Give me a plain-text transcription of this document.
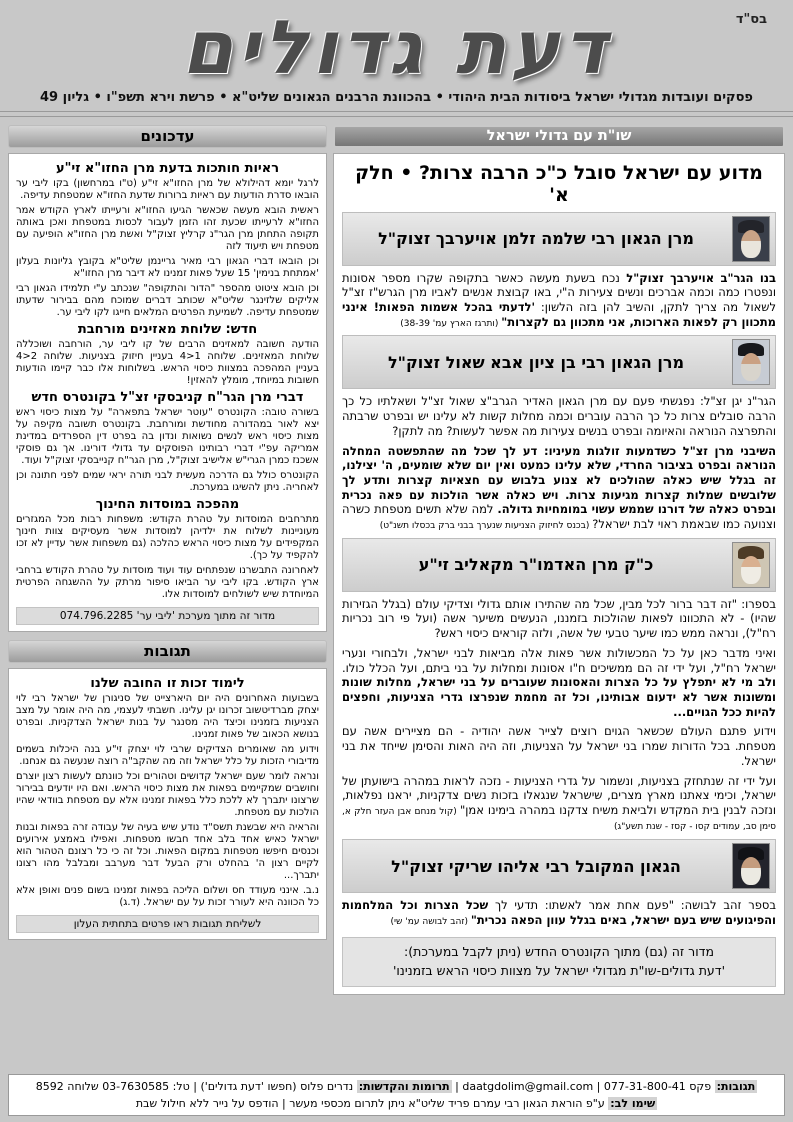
בס"ד
דעת גדולים
פסקים ועובדות מגדולי ישראל ביסודות הבית היהודי • בהכוונת הרבנים הגאונים שליט"א • פרשת וירא תשפ"ו • גליון 49
שו"ת עם גדולי ישראל
מדוע עם ישראל סובל כ"כ הרבה צרות? • חלק א'
מרן הגאון רבי שלמה זלמן אויערבך זצוק"ל

בנו הגר"ב אויערבך זצוק"ל נכח בשעת מעשה כאשר בתקופה שקרו מספר אסונות ונפטרו כמה וכמה אברכים ונשים צעירות ה"י, באו קבוצת אנשים לאביו מרן הגרש"ז זצ"ל לשאול מה צריך לתקן, והשיב להן בזה הלשון: 'לדעתי בהכל אשמות הפאות! אינני מתכוון רק לפאות הארוכות, אני מתכוון גם לקצרות" (ותרגז הארץ עמ' 38-39)

מרן הגאון רבי בן ציון אבא שאול זצוק"ל

הגר"נ יגן זצ"ל: נפגשתי פעם עם מרן הגאון האדיר הגרב"צ שאול זצ"ל ושאלתיו כל כך הרבה סובלים צרות כל כך הרבה עוברים וכמה מחלות קשות לא עלינו יש ובפרט שרבתה והתפרצה הנוראה והאיומה ובפרט בנשים צעירות מה אפשר לעשות? מה לתקן?

השיבני מרן זצ"ל כשדמעות זולגות מעיניו: דע לך שכל מה שהתפשטה המחלה הנוראה ובפרט בציבור החרדי, שלא עלינו כמעט ואין יום שלא שומעים, ה' יצילנו, זה בגלל שיש כאלה שהולכים לא צנוע בלבוש עם חצאיות קצרות ותדע לך שלובשים שמלות קצרות מגיעות צרות. ויש כאלה אשר הולכות עם פאה נכרית ובפרט כאלה של דורנו שממש עשוי במומחיות גדולה. למה שלא תשים מטפחת כשרה וצנועה כמו שבאמת ראוי לבת ישראל? (בכנס לחיזוק הצניעות שנערך בבני ברק בכסלו תשנ"ט)

כ"ק מרן האדמו"ר מקאליב זי"ע

בספרו: "זה דבר ברור לכל מבין, שכל מה שהתירו אותם גדולי וצדיקי עולם (בגלל הגזירות שהיו) - לא התכוונו לפאות שהולכות בזמננו, הנעשים משיער אשה (ועל פי רוב נכריות רח"ל), ונראה ממש כמו שיער טבעי של אשה, ולזה קוראים כיסוי ראש?

ואיני מדבר כאן על כל המכשולות אשר פאות אלה מביאות לבני ישראל, ולבחורי ונערי ישראל רח"ל, ועל ידי זה הם ממשיכים ח"ו אסונות ומחלות על בני ביתם, ועל הכלל כולו. ולב מי לא יתפלץ על כל הצרות והאסונות שעוברים על בני ישראל, מחלות שונות ומשונות אשר לא ידעום אבותינו, וכל זה מחמת שנפרצו גדרי הצניעות, וחפצים להיות ככל הגויים...

וידוע פתגם העולם שכשאר הגוים רוצים לצייר אשה יהודיה - הם מציירים אשה עם מטפחת. בכל הדורות שמרו בני ישראל על הצניעות, וזה היה האות והסימן שייחד את בני ישראל.

ועל ידי זה שנתחזק בצניעות, ונשמור על גדרי הצניעות - נזכה לראות במהרה בישועתן של ישראל, וכימי צאתנו מארץ מצרים, שישראל שנגאלו בזכות נשים צדקניות, יראנו נפלאות, ונזכה לבנין בית המקדש ולביאת משיח צדקנו במהרה בימינו אמן" (קול מנחם אבן העזר חלק א, סימן סב, עמודים קסו - קסז - שנת תשע"ג)

הגאון המקובל רבי אליהו שריקי זצוק"ל

בספר זהב לבושה: "פעם אחת אמר לאשתו: תדעי לך שכל הצרות וכל המלחמות והפיגועים שיש בעם ישראל, באים בגלל עוון הפאה נכרית" (זהב לבושה עמ' שי)

מדור זה (גם) מתוך הקונטרס החדש (ניתן לקבל במערכת):
'דעת גדולים-שו"ת מגדולי ישראל על מצוות כיסוי הראש בזמנינו'
עדכונים
ראיות חותכות בדעת מרן החזו"א זי"ע

לרגל יומא דהילולא של מרן החזו"א זי"ע (ט"ו במרחשון) בקו ליבי ער הובאו סדרת הודעות עם ראיות ברורות שדעת החזו"א שמטפחת עדיפה.

ראשית הובא מעשה שכאשר הגיעו החזו"א ורעייתו לארץ הקודש אמר החזו"א לרעייתו שכעת זהו הזמן לעבור לכסות במטפחת ואכן באותה תקופה התחתן מרן הגר"נ קרליץ זצוק"ל ואשת מרן החזו"א הופיעה עם מטפחת ויש תיעוד לזה

וכן הובאו דברי הגאון רבי מאיר גריינמן שליט"א בקובץ גליונות בעלון 'אמתחת בנימין' 15 שעל פאות זמנינו לא דיבר מרן החזו"א

וכן הובא ציטוט מהספר "הדור והתקופה" שנכתב ע"י תלמידו הגאון רבי אליקים שלזינגר שליט"א שכותב דברים שמוכח מהם בבירור שדעתו שמטפחת עדיפה. לשמיעת הפרטים המלאים חייגו לקו ליבי ער.

חדש: שלוחת מאזינים מורחבת

הודעה חשובה למאזינים הרבים של קו ליבי ער, הורחבה ושוכללה שלוחת המאזינים. שלוחה 1<4 בעניין חיזוק בצניעות. שלוחה 2<4 בעניין המהפכה במצוות כיסוי הראש. בשלוחות אלו כבר קיימו הודעות חשובות במיוחד, מומלץ להאזין!

דברי מרן הגר"ח קניבסקי זצ"ל בקונטרס חדש

בשורה טובה: הקונטרס "עוטר ישראל בתפארה" על מצות כיסוי ראש יצא לאור במהדורה מחודשת ומורחבת. בקונטרס תשובה מקיפה על מצות כיסוי ראש לנשים נשואות ונדון בה בפרט דין הספרדים במדינת אמריקה עפ"י דברי רבותינו הפוסקים עד גדולי דורינו. אך גם פוסקי אשכנז כמרן הגרי"ש אלישיב זצוק"ל, מרן הגר"ח קנייבסקי זצוק"ל ועוד.

הקונטרס כולל גם הדרכה מעשית לבני תורה יראי שמים לפני חתונה וכן לאחריה. ניתן להשיגו במערכת.

מהפכה במוסדות החינוך

מתרחבים המוסדות על טהרת הקודש: משפחות רבות מכל המגזרים מעוניינות לשלוח את ילדיהן למוסדות אשר מעסיקים צוות חינוך המקפידים על מצות כיסוי הראש כהלכה (גם משפחות אשר עדיין לא זכו להקפיד על כך).

לאחרונה התבשרנו שנפתחים עוד ועוד מוסדות על טהרת הקודש ברחבי ארץ הקודש. בקו ליבי ער הביאו סיפור מרתק על ההשגחה הפרטית המיוחדת שיש לשולחים למוסדות אלו.

מדור זה מתוך מערכת 'ליבי ער' 074.796.2285
תגובות
לימוד זכות זו החובה שלנו

בשבועות האחרונים היה יום היארצייט של סניגורן של ישראל רבי לוי יצחק מברדיטשוב זכרונו יגן עלינו. חשבתי לעצמי, מה היה אומר על מצב הצניעות בזמנינו וכיצד היה מסנגר על בנות ישראל הצדקניות. ובפרט בנושא הכאוב של פאות זמנינו.

וידוע מה שאומרים הצדיקים שרבי לוי יצחק זי"ע בנה היכלות בשמים מדיבורי הזכות על כלל ישראל וזה מה שהקב"ה רוצה שנעשה גם אנחנו.

ונראה לומר שעם ישראל קדושים וטהורים וכל כוונתם לעשות רצון יוצרם וחושבים שמקיימים בפאות את מצות כיסוי הראש. ואם היו יודעים בבירור שרצונו יתברך לא ללכת כלל בפאות זמנינו אלא עם מטפחת בוודאי שהיו הולכות עם מטפחת.

והראיה היא שבשנת תשס"ד נודע שיש בעיה של עבודה זרה בפאות ובנות ישראל כאיש אחד בלב אחד חבשו מטפחות. ואפילו באמצע אירועים וכנסים חיפשו מטפחות במקום הפאות. וכל זה כי כל רצונם הטהור הוא לקיים רצון ה' בהחלט ורק הבעל דבר מערבב ומבלבל מהו רצונו יתברך...

נ.ב. אינני מעודד חס ושלום הליכה בפאות זמנינו בשום פנים ואופן אלא כל הכוונה היא לעורר זכות על עם ישראל. (ד.ג)

לשליחת תגובות ראו פרטים בתחתית העלון
תגובות: פקס 077-31-800-41 | daatgdolim@gmail.com | תרומות והקדשות: נדרים פלוס (חפשו 'דעת גדולים') | טל: 03-7630585 שלוחה 8592
שימו לב: ע"פ הוראת הגאון רבי עמרם פריד שליט"א ניתן לתרום מכספי מעשר | הודפס על נייר ללא חילול שבת
